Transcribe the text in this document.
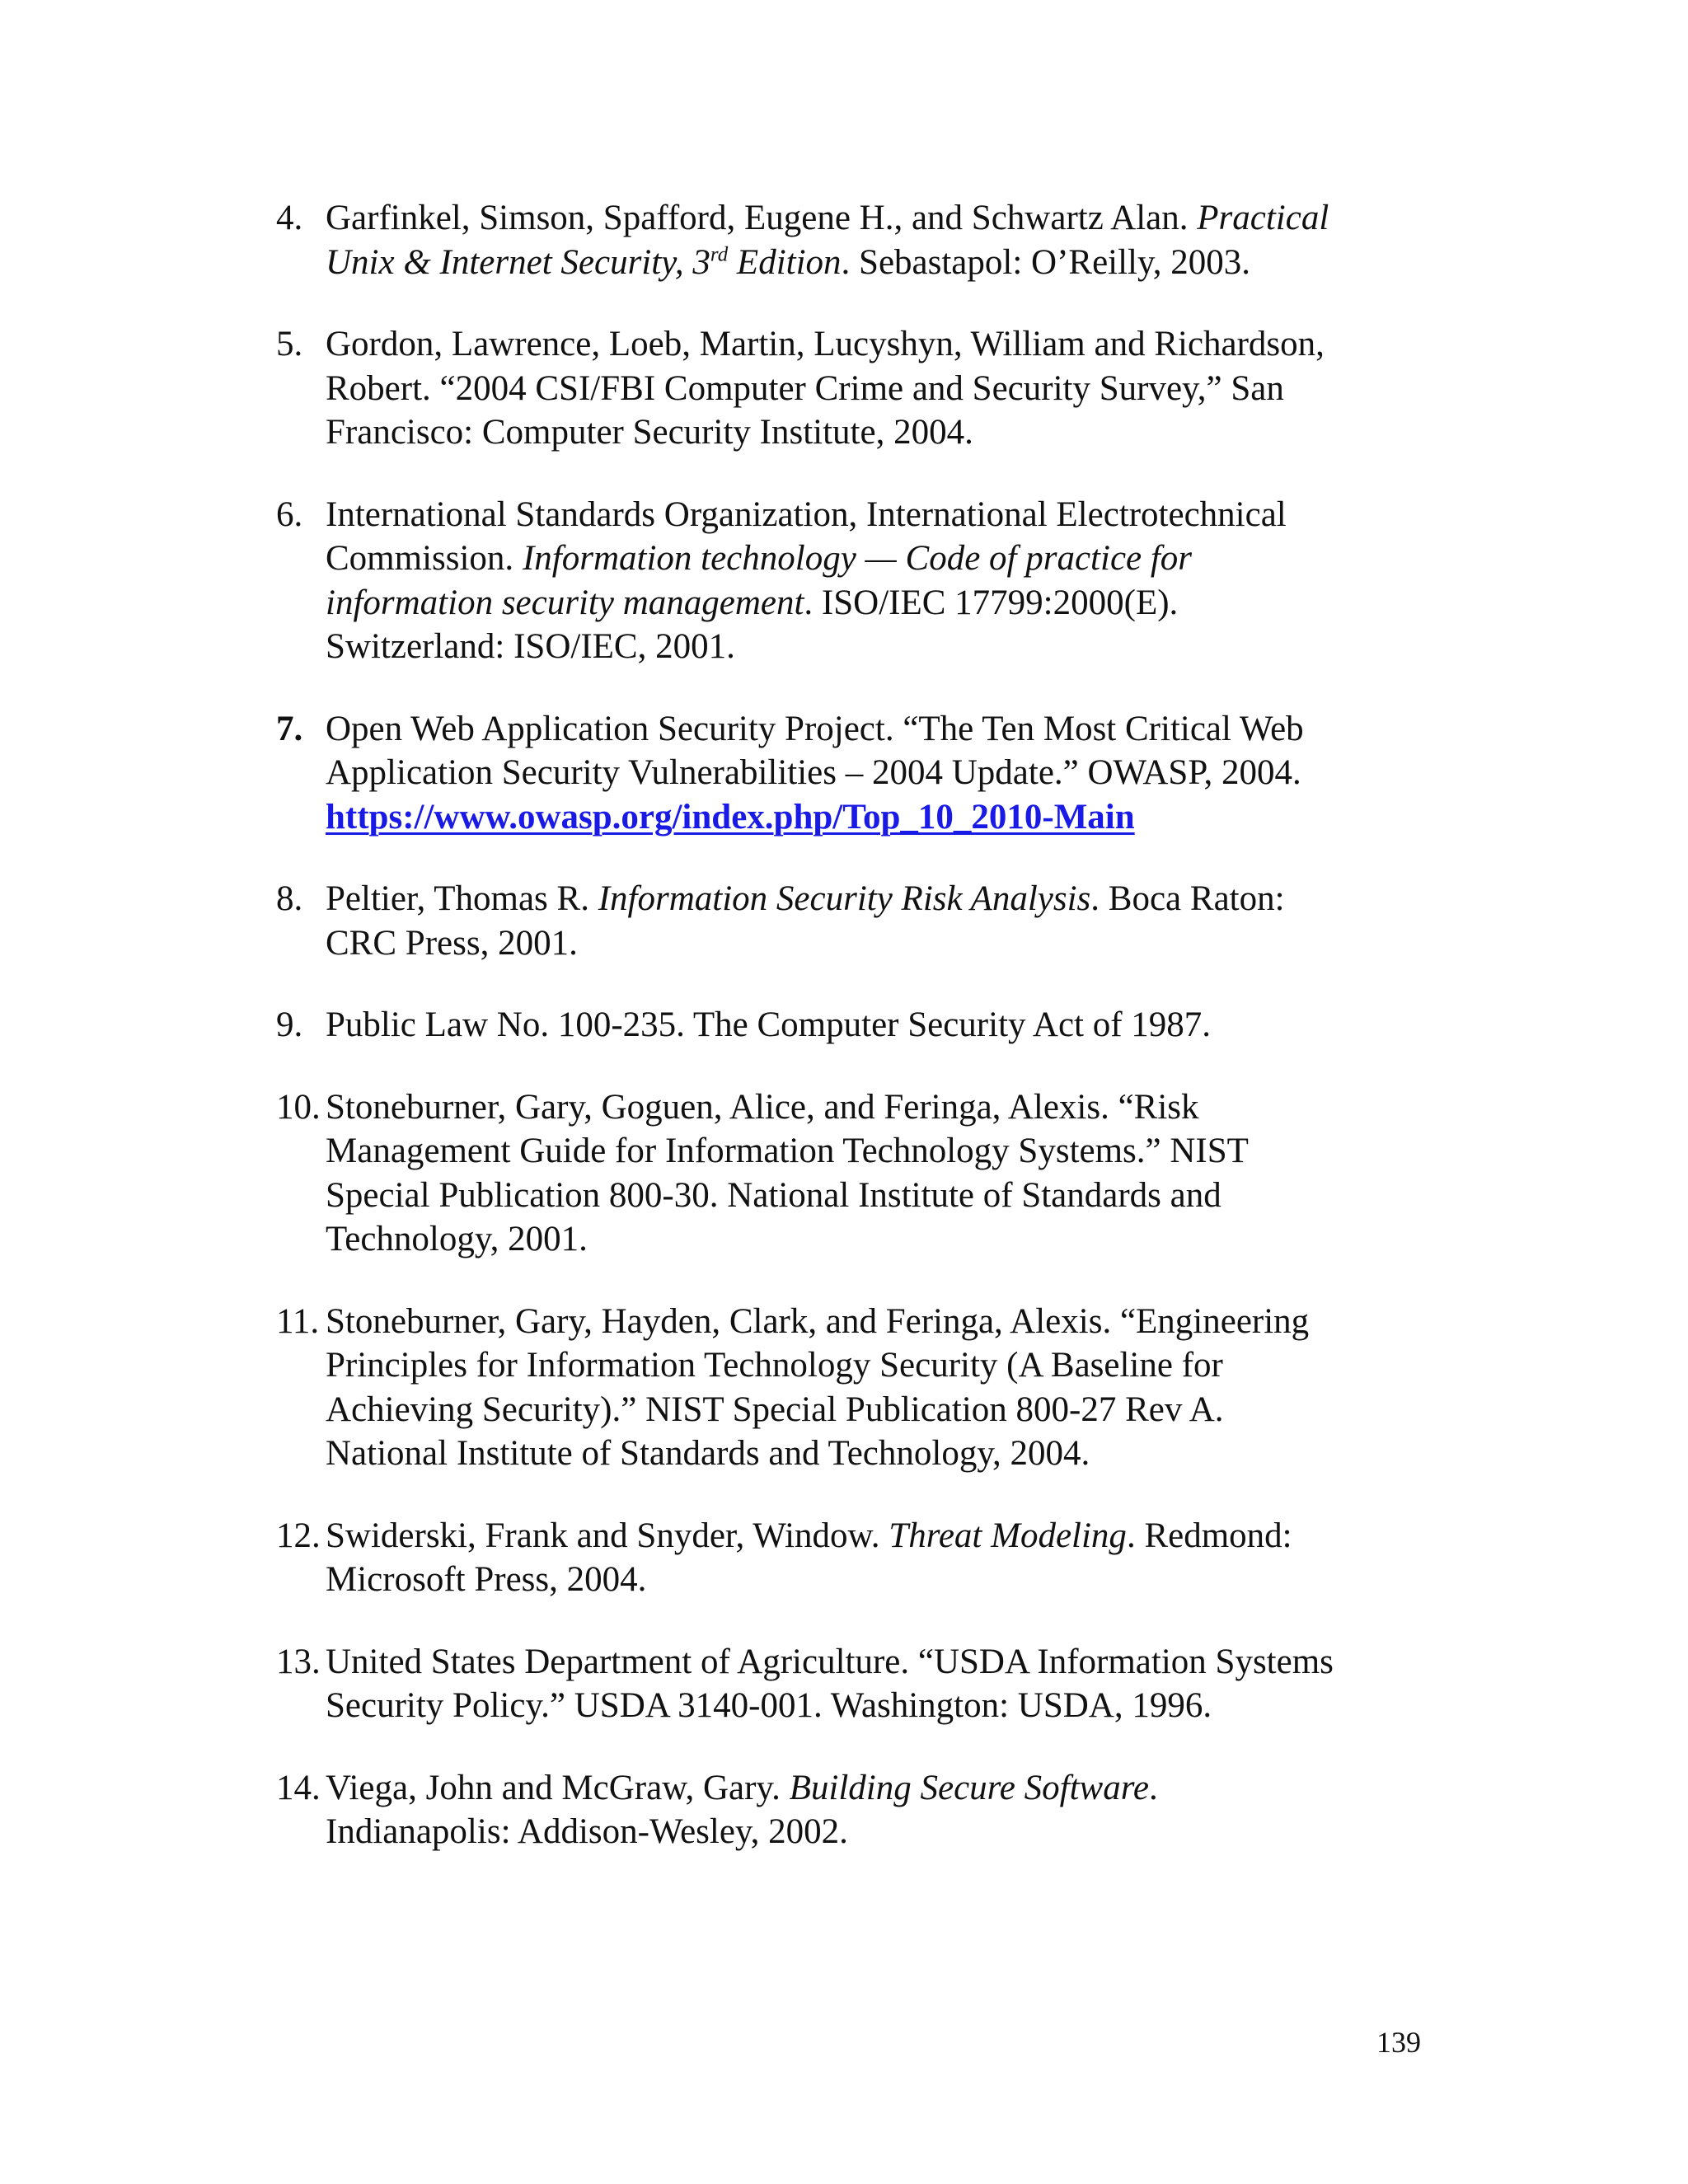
4. Garfinkel, Simson, Spafford, Eugene H., and Schwartz Alan. Practical
Unix & Internet Security, 3rd Edition. Sebastapol: O’Reilly, 2003.
5. Gordon, Lawrence, Loeb, Martin, Lucyshyn, William and Richardson,
Robert. “2004 CSI/FBI Computer Crime and Security Survey,” San
Francisco: Computer Security Institute, 2004.
6. International Standards Organization, International Electrotechnical
Commission. Information technology — Code of practice for
information security management. ISO/IEC 17799:2000(E).
Switzerland: ISO/IEC, 2001.
7. Open Web Application Security Project. “The Ten Most Critical Web
Application Security Vulnerabilities – 2004 Update.” OWASP, 2004.
https://www.owasp.org/index.php/Top_10_2010-Main
8. Peltier, Thomas R. Information Security Risk Analysis. Boca Raton:
CRC Press, 2001.
9. Public Law No. 100-235. The Computer Security Act of 1987.
10. Stoneburner, Gary, Goguen, Alice, and Feringa, Alexis. “Risk
Management Guide for Information Technology Systems.” NIST
Special Publication 800-30. National Institute of Standards and
Technology, 2001.
11. Stoneburner, Gary, Hayden, Clark, and Feringa, Alexis. “Engineering
Principles for Information Technology Security (A Baseline for
Achieving Security).” NIST Special Publication 800-27 Rev A.
National Institute of Standards and Technology, 2004.
12. Swiderski, Frank and Snyder, Window. Threat Modeling. Redmond:
Microsoft Press, 2004.
13. United States Department of Agriculture. “USDA Information Systems
Security Policy.” USDA 3140-001. Washington: USDA, 1996.
14. Viega, John and McGraw, Gary. Building Secure Software.
Indianapolis: Addison-Wesley, 2002.
139
